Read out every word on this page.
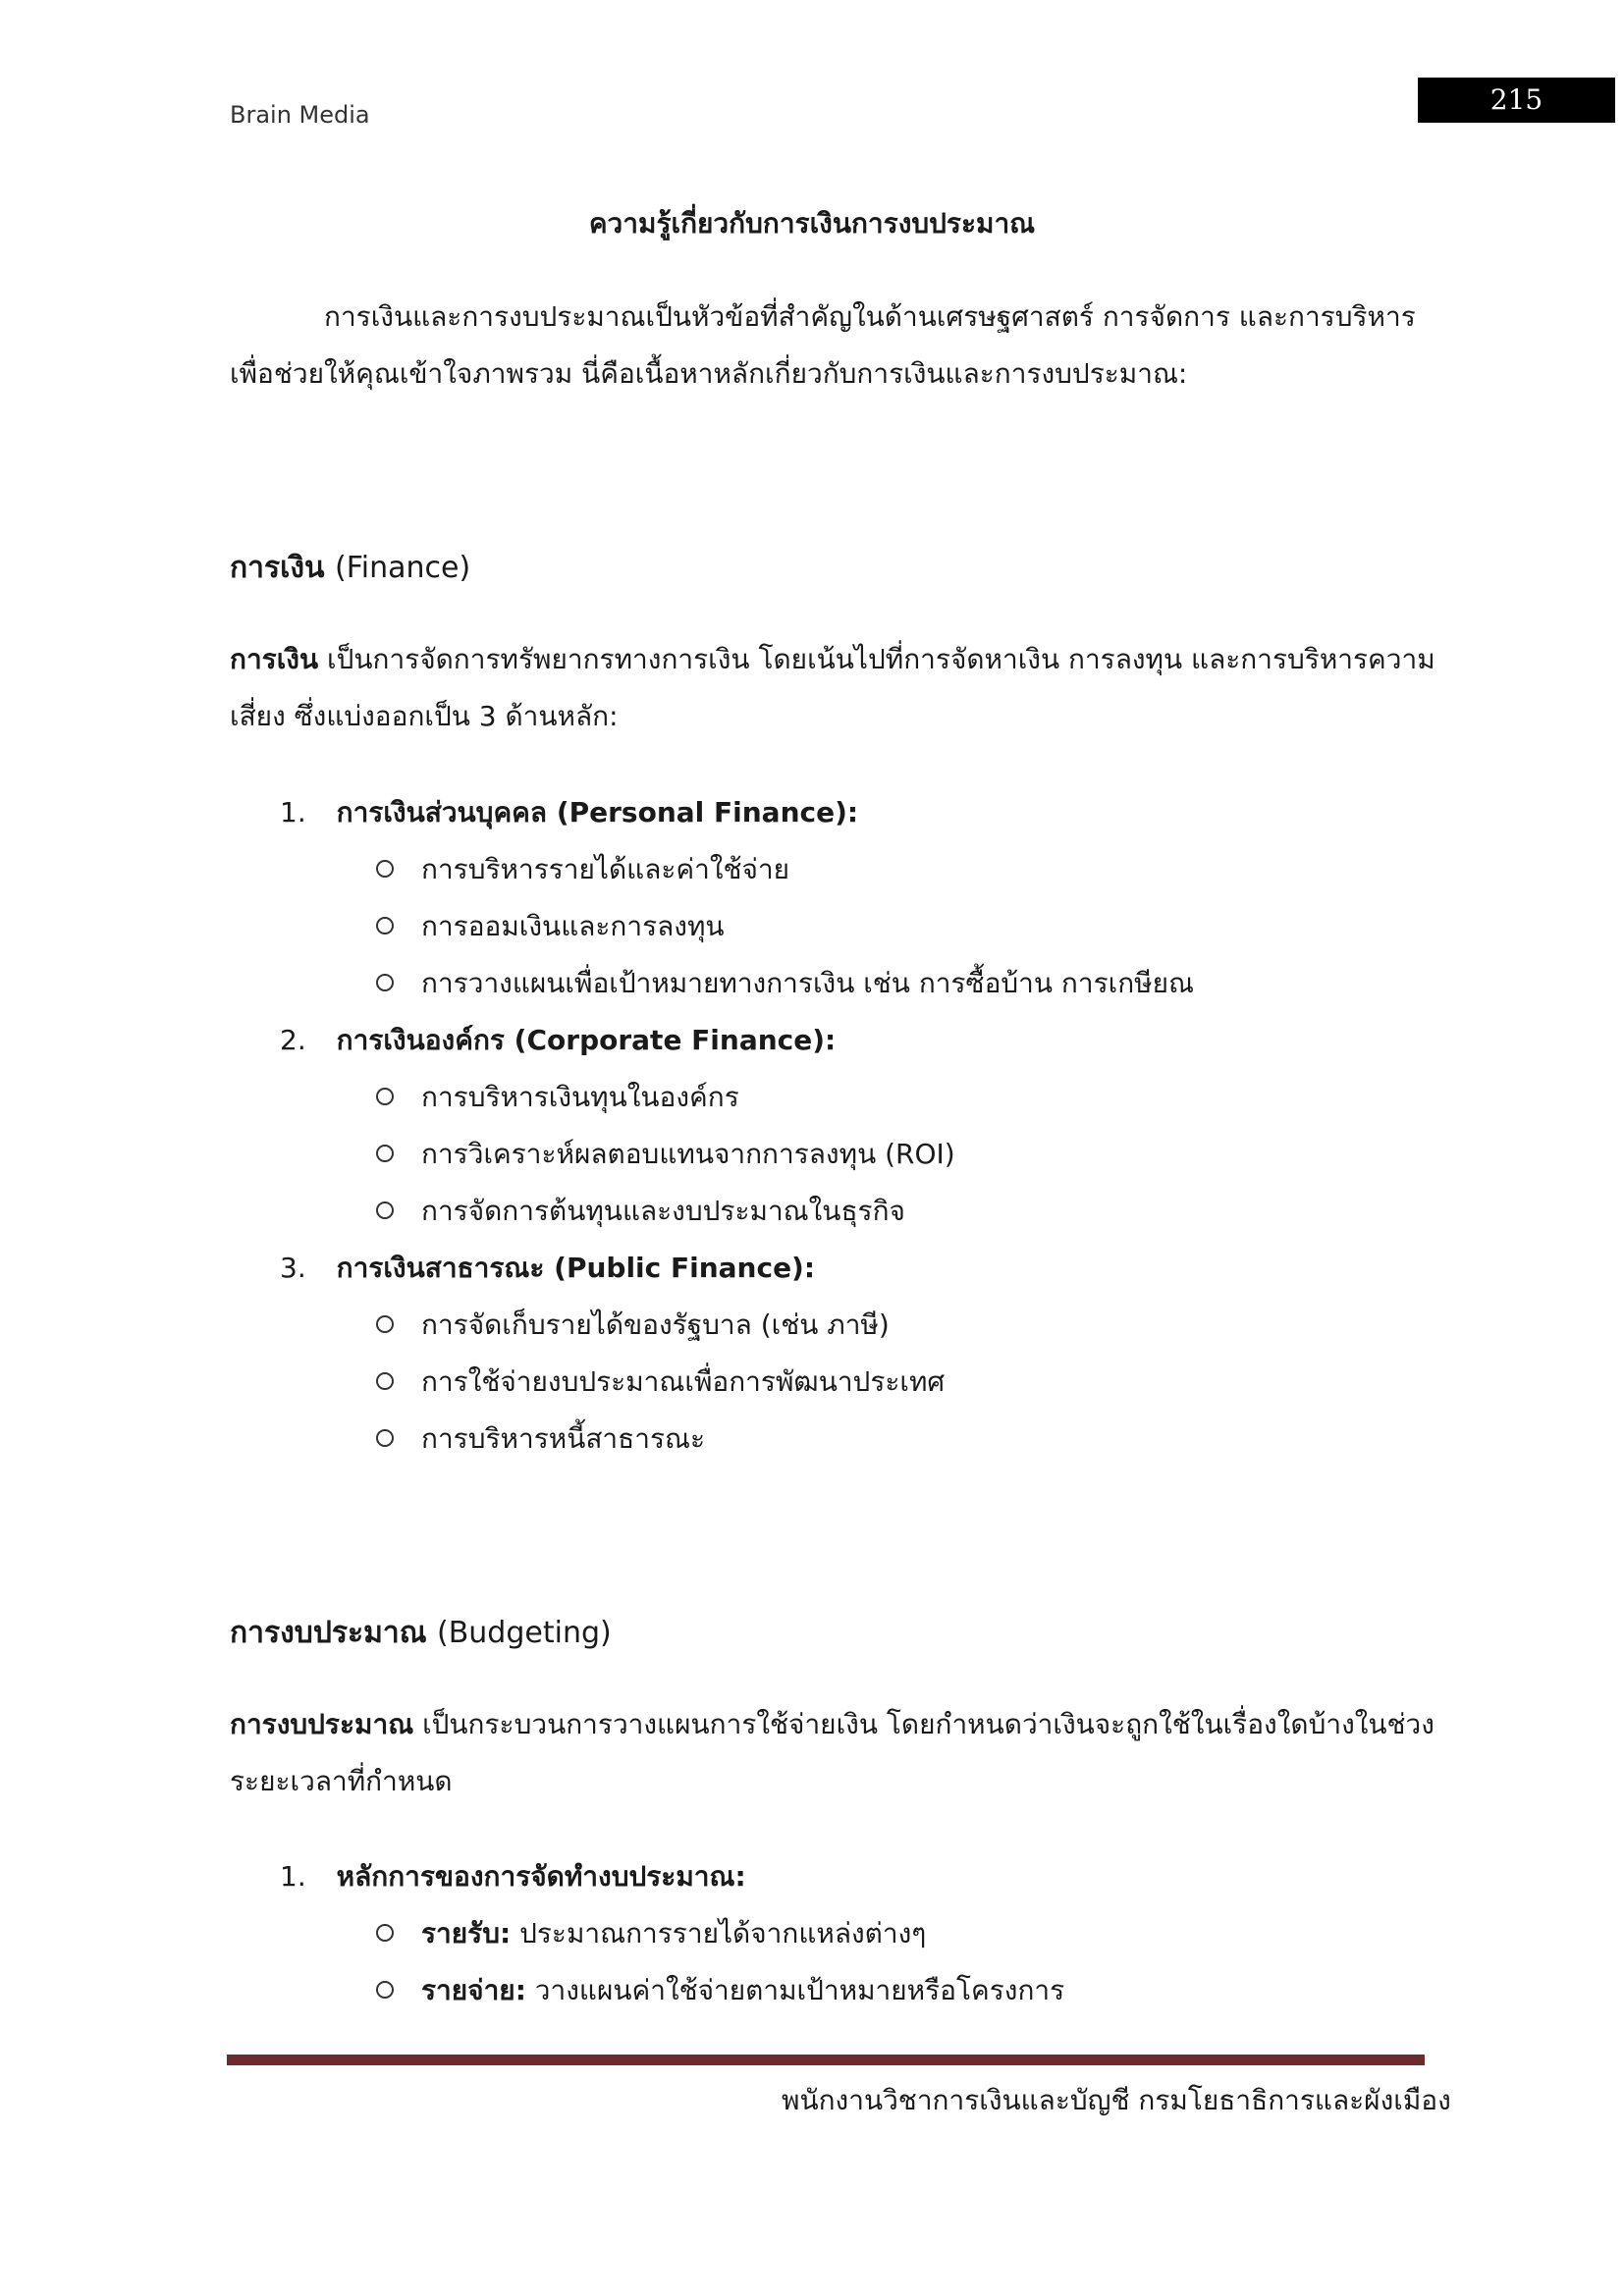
Brain Media	215
ความรู้เกี่ยวกับการเงินการงบประมาณ
การเงินและการงบประมาณเป็นหัวข้อที่สำคัญในด้านเศรษฐศาสตร์ การจัดการ และการบริหาร
เพื่อช่วยให้คุณเข้าใจภาพรวม นี่คือเนื้อหาหลักเกี่ยวกับการเงินและการงบประมาณ:
การเงิน (Finance)
การเงิน เป็นการจัดการทรัพยากรทางการเงิน โดยเน้นไปที่การจัดหาเงิน การลงทุน และการบริหารความ
เสี่ยง ซึ่งแบ่งออกเป็น 3 ด้านหลัก:
1. การเงินส่วนบุคคล (Personal Finance):
การบริหารรายได้และค่าใช้จ่าย
การออมเงินและการลงทุน
การวางแผนเพื่อเป้าหมายทางการเงิน เช่น การซื้อบ้าน การเกษียณ
2. การเงินองค์กร (Corporate Finance):
การบริหารเงินทุนในองค์กร
การวิเคราะห์ผลตอบแทนจากการลงทุน (ROI)
การจัดการต้นทุนและงบประมาณในธุรกิจ
3. การเงินสาธารณะ (Public Finance):
การจัดเก็บรายได้ของรัฐบาล (เช่น ภาษี)
การใช้จ่ายงบประมาณเพื่อการพัฒนาประเทศ
การบริหารหนี้สาธารณะ
การงบประมาณ (Budgeting)
การงบประมาณ เป็นกระบวนการวางแผนการใช้จ่ายเงิน โดยกำหนดว่าเงินจะถูกใช้ในเรื่องใดบ้างในช่วง
ระยะเวลาที่กำหนด
1. หลักการของการจัดทำงบประมาณ:
รายรับ: ประมาณการรายได้จากแหล่งต่างๆ
รายจ่าย: วางแผนค่าใช้จ่ายตามเป้าหมายหรือโครงการ
พนักงานวิชาการเงินและบัญชี กรมโยธาธิการและผังเมือง
